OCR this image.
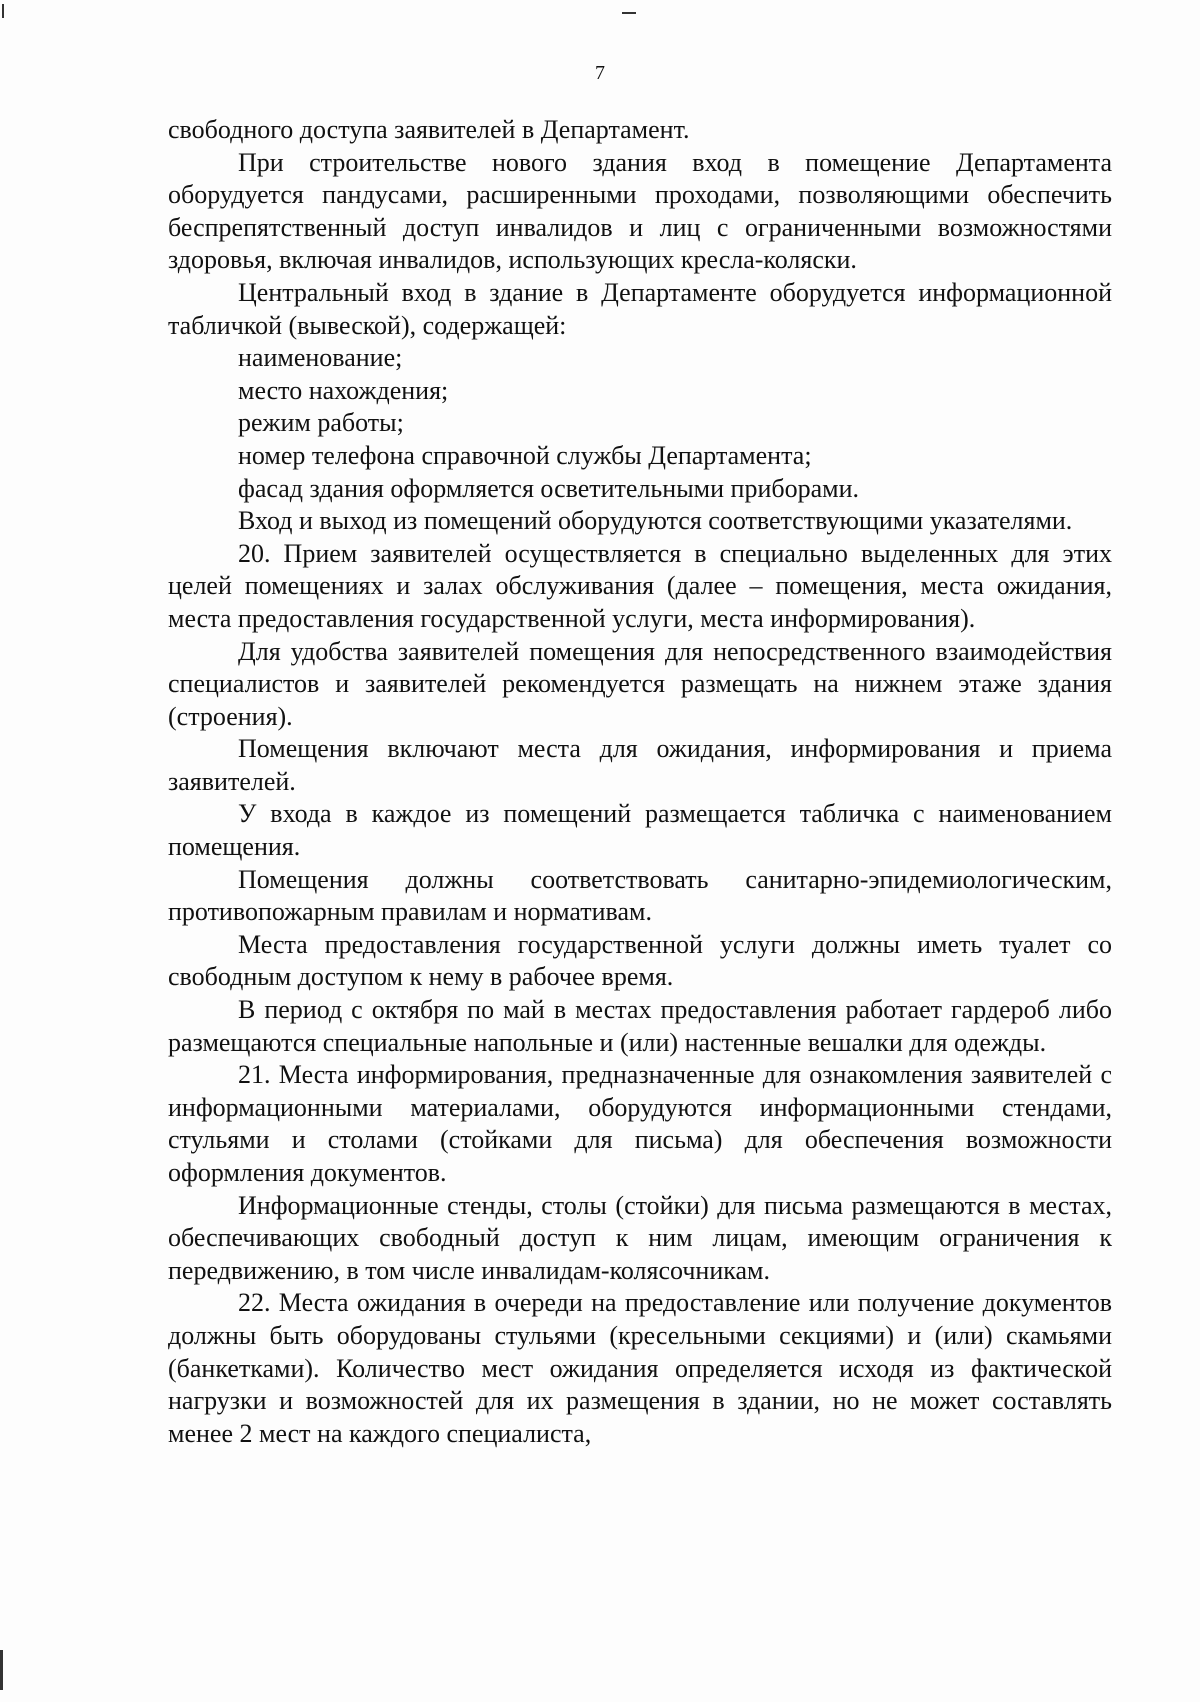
7

свободного доступа заявителей в Департамент.

При строительстве нового здания вход в помещение Департамента оборудуется пандусами, расширенными проходами, позволяющими обеспечить беспрепятственный доступ инвалидов и лиц с ограниченными возможностями здоровья, включая инвалидов, использующих кресла-коляски.

Центральный вход в здание в Департаменте оборудуется информационной табличкой (вывеской), содержащей:

наименование;

место нахождения;

режим работы;

номер телефона справочной службы Департамента;

фасад здания оформляется осветительными приборами.

Вход и выход из помещений оборудуются соответствующими указателями.

20. Прием заявителей осуществляется в специально выделенных для этих целей помещениях и залах обслуживания (далее – помещения, места ожидания, места предоставления государственной услуги, места информирования).

Для удобства заявителей помещения для непосредственного взаимодействия специалистов и заявителей рекомендуется размещать на нижнем этаже здания (строения).

Помещения включают места для ожидания, информирования и приема заявителей.

У входа в каждое из помещений размещается табличка с наименованием помещения.

Помещения должны соответствовать санитарно-эпидемиологическим, противопожарным правилам и нормативам.

Места предоставления государственной услуги должны иметь туалет со свободным доступом к нему в рабочее время.

В период с октября по май в местах предоставления работает гардероб либо размещаются специальные напольные и (или) настенные вешалки для одежды.

21. Места информирования, предназначенные для ознакомления заявителей с информационными материалами, оборудуются информационными стендами, стульями и столами (стойками для письма) для обеспечения возможности оформления документов.

Информационные стенды, столы (стойки) для письма размещаются в местах, обеспечивающих свободный доступ к ним лицам, имеющим ограничения к передвижению, в том числе инвалидам-колясочникам.

22. Места ожидания в очереди на предоставление или получение документов должны быть оборудованы стульями (кресельными секциями) и (или) скамьями (банкетками). Количество мест ожидания определяется исходя из фактической нагрузки и возможностей для их размещения в здании, но не может составлять менее 2 мест на каждого специалиста,
